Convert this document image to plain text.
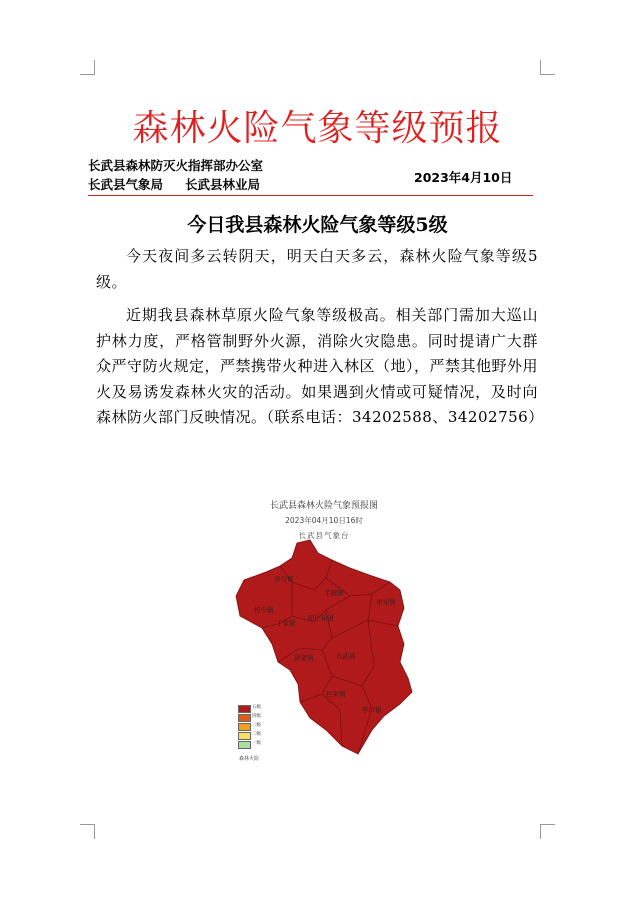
森林火险气象等级预报
长武县森林防灭火指挥部办公室
长武县气象局 长武县林业局	2023年4月10日
今日我县森林火险气象等级5级

今天夜间多云转阴天，明天白天多云，森林火险气象等级5级。

近期我县森林草原火险气象等级极高。相关部门需加大巡山护林力度，严格管制野外火源，消除火灾隐患。同时提请广大群众严守防火规定，严禁携带火种进入林区（地），严禁其他野外用火及易诱发森林火灾的活动。如果遇到火情或可疑情况，及时向森林防火部门反映情况。（联系电话：34202588、34202756）

彭公镇
芋园镇
枣元镇
相公镇
丁家镇
昭仁街道
洪家镇	长武县
巨家镇
亭口镇
长武县森林火险气象预报图
2023年04月10日16时
长武县气象台
五级
四级
三级
二级
一级
森林火险
